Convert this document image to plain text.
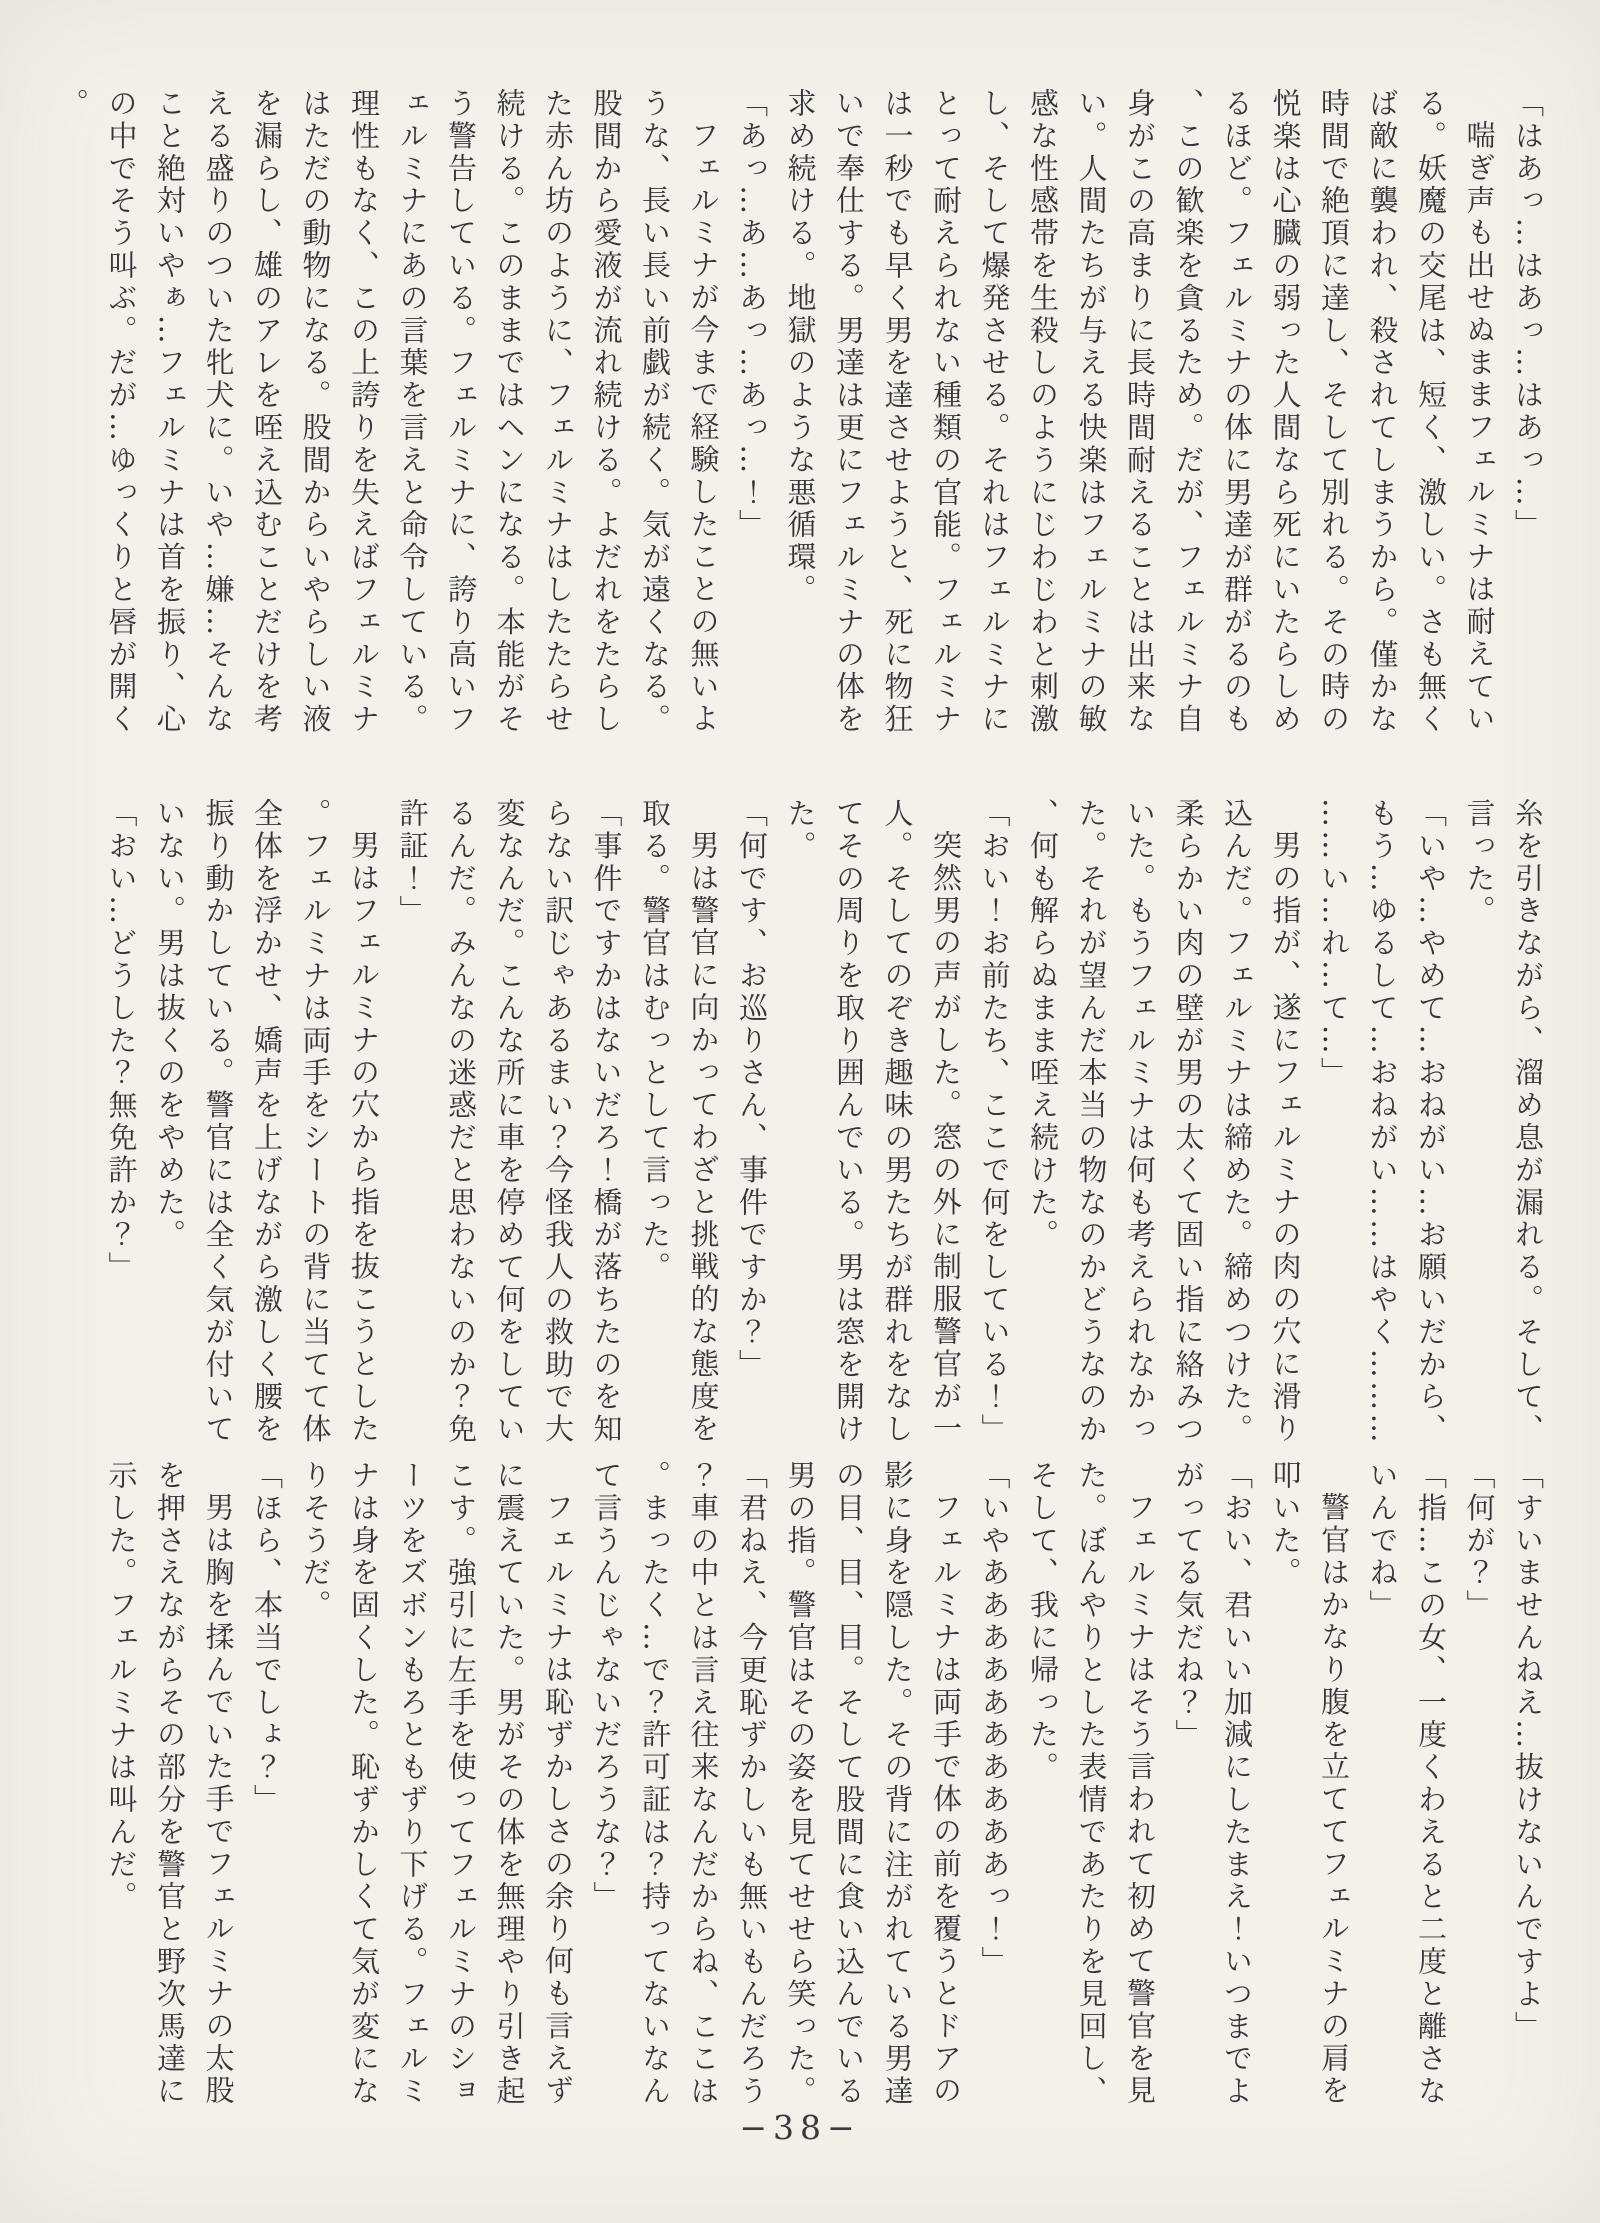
「はあっ…はあっ…はあっ…」

喘ぎ声も出せぬままフェルミナは耐えている。妖魔の交尾は、短く、激しい。さも無くば敵に襲われ、殺されてしまうから。僅かな時間で絶頂に達し、そして別れる。その時の悦楽は心臓の弱った人間なら死にいたらしめるほど。フェルミナの体に男達が群がるのも、この歓楽を貪るため。だが、フェルミナ自身がこの高まりに長時間耐えることは出来ない。人間たちが与える快楽はフェルミナの敏感な性感帯を生殺しのようにじわじわと刺激し、そして爆発させる。それはフェルミナにとって耐えられない種類の官能。フェルミナは一秒でも早く男を達させようと、死に物狂いで奉仕する。男達は更にフェルミナの体を求め続ける。地獄のような悪循環。

「あっ…あ…あっ…あっ…！」

フェルミナが今まで経験したことの無いような、長い長い前戯が続く。気が遠くなる。股間から愛液が流れ続ける。よだれをたらした赤ん坊のように、フェルミナはしたたらせ続ける。このままではヘンになる。本能がそう警告している。フェルミナに、誇り高いフェルミナにあの言葉を言えと命令している。理性もなく、この上誇りを失えばフェルミナはただの動物になる。股間からいやらしい液を漏らし、雄のアレを咥え込むことだけを考える盛りのついた牝犬に。いや…嫌…そんなこと絶対いやぁ…フェルミナは首を振り、心の中でそう叫ぶ。だが…ゆっくりと唇が開く。

糸を引きながら、溜め息が漏れる。そして、言った。

「いや…やめて…おねがい…お願いだから、もう…ゆるして…おねがい……はやく……………い…れ…て…」

男の指が、遂にフェルミナの肉の穴に滑り込んだ。フェルミナは締めた。締めつけた。柔らかい肉の壁が男の太くて固い指に絡みついた。もうフェルミナは何も考えられなかった。それが望んだ本当の物なのかどうなのか、何も解らぬまま咥え続けた。

「おい！お前たち、ここで何をしている！」

突然男の声がした。窓の外に制服警官が一人。そしてのぞき趣味の男たちが群れをなしてその周りを取り囲んでいる。男は窓を開けた。

「何です、お巡りさん、事件ですか？」

男は警官に向かってわざと挑戦的な態度を取る。警官はむっとして言った。

「事件ですかはないだろ！橋が落ちたのを知らない訳じゃあるまい？今怪我人の救助で大変なんだ。こんな所に車を停めて何をしているんだ。みんなの迷惑だと思わないのか？免許証！」

男はフェルミナの穴から指を抜こうとした。フェルミナは両手をシートの背に当てて体全体を浮かせ、嬌声を上げながら激しく腰を振り動かしている。警官には全く気が付いていない。男は抜くのをやめた。

「おい…どうした？無免許か？」

「すいませんねえ…抜けないんですよ」

「何が？」

「指…この女、一度くわえると二度と離さないんでね」

警官はかなり腹を立ててフェルミナの肩を叩いた。

「おい、君いい加減にしたまえ！いつまでよがってる気だね？」

フェルミナはそう言われて初めて警官を見た。ぼんやりとした表情であたりを見回し、そして、我に帰った。

「いやああああああああああっ！」

フェルミナは両手で体の前を覆うとドアの影に身を隠した。その背に注がれている男達の目、目、目。そして股間に食い込んでいる男の指。警官はその姿を見てせせら笑った。

「君ねえ、今更恥ずかしいも無いもんだろう？車の中とは言え往来なんだからね、ここは。まったく…で？許可証は？持ってないなんて言うんじゃないだろうな？」

フェルミナは恥ずかしさの余り何も言えずに震えていた。男がその体を無理やり引き起こす。強引に左手を使ってフェルミナのショーツをズボンもろともずり下げる。フェルミナは身を固くした。恥ずかしくて気が変になりそうだ。

「ほら、本当でしょ？」

男は胸を揉んでいた手でフェルミナの太股を押さえながらその部分を警官と野次馬達に示した。フェルミナは叫んだ。

−38−
